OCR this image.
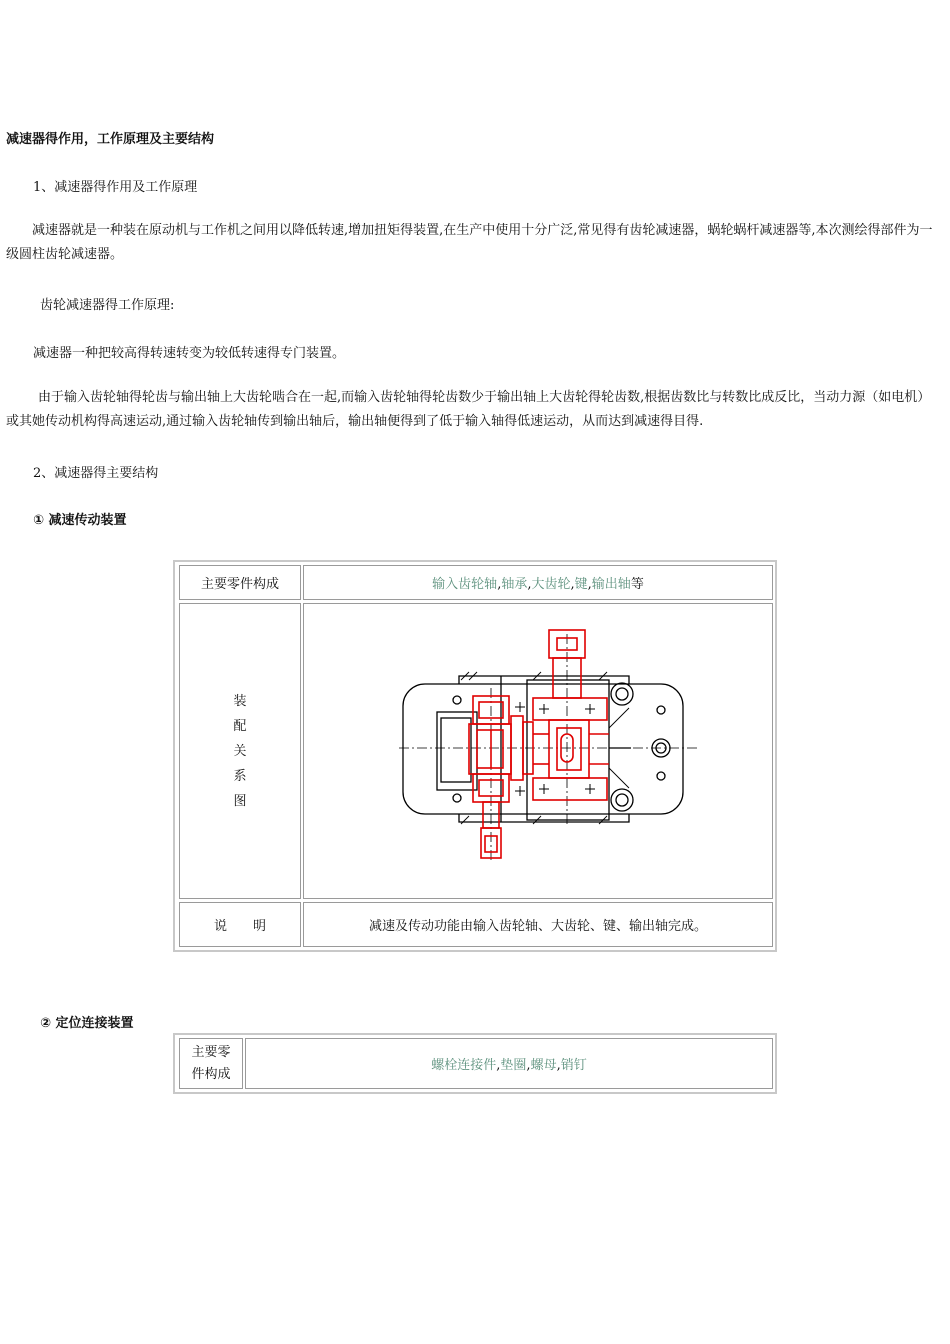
减速器得作用，工作原理及主要结构
1、减速器得作用及工作原理
减速器就是一种装在原动机与工作机之间用以降低转速,增加扭矩得装置,在生产中使用十分广泛,常见得有齿轮减速器，蜗轮蜗杆减速器等,本次测绘得部件为一级圆柱齿轮减速器。
齿轮减速器得工作原理:
减速器一种把较高得转速转变为较低转速得专门装置。
由于输入齿轮轴得轮齿与输出轴上大齿轮啮合在一起,而输入齿轮轴得轮齿数少于输出轴上大齿轮得轮齿数,根据齿数比与转数比成反比，当动力源（如电机）或其她传动机构得高速运动,通过输入齿轮轴传到输出轴后，输出轴便得到了低于输入轴得低速运动，从而达到减速得目得.
2、减速器得主要结构
① 减速传动装置
主要零件构成	输入齿轮轴,轴承,大齿轮,键,输出轴等
装
配
关
系
图
说　　明	减速及传动功能由输入齿轮轴、大齿轮、键、输出轴完成。
② 定位连接装置
主要零
件构成
螺栓连接件,垫圈,螺母,销钉
